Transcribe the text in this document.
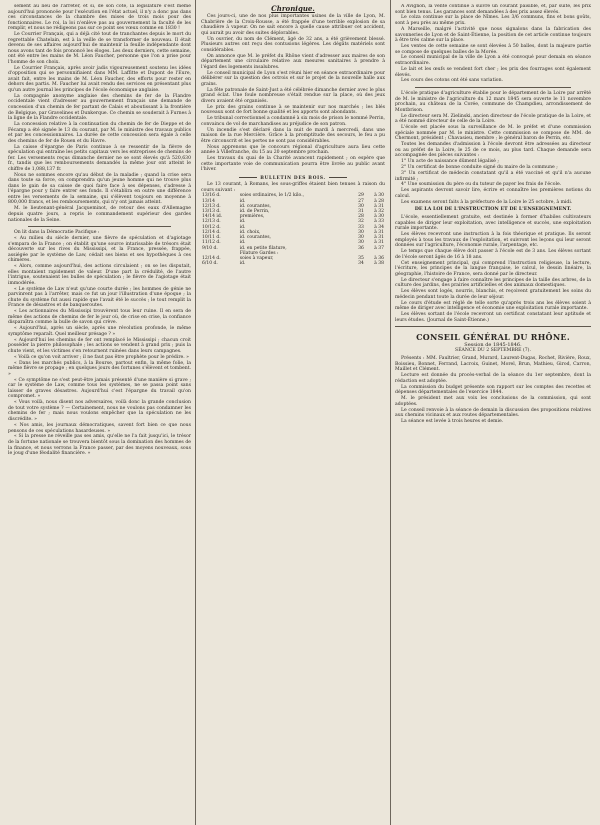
sement au lieu de l'arrêter, et si, de son côté, la législature s'est même aujourd'hui prononcée pour l'exécution en l'état actuel, il n'y a donc pas dans ces circonstances de la chambre des mises de trois mois pour des fonctionnaires. Le roi, la loi n'enlève pas au gouvernement la faculté de les remplir, et nous ne rédigeons pas sur ce point ses vœux comme en 1830 !

Le Courrier Français, qui a déjà cité tout de tranchantes depuis le mort du regrettable Chatelain, est à la veille de se transformer de nouveau. Il était devenu de ses affaires aujourd'hui de maintenir la feuille indépendante dont nous avons tant de fois prononcé les éloges. Les deux derniers, cette semaine, ont été entre les mains de M. Léon Faucher, personne que l'on a prise pour l'homme de son choix.

Le Courrier Français, après avoir jadis vigoureusement soutenu les idées d'opposition qui se personnifiaient dans MM. Laffitte et Dupont de l'Eure, avait fait, entre les mains de M. Léon Faucher, des efforts pour rester en dehors des partis. M. Faucher lui avait rendu des services en présentant plus qu'un autre journal les principes de l'école économique anglaise.

La compagnie anonyme anglaise des chemins de fer de la Flandre occidentale vient d'adresser au gouvernement français une demande de concession d'un chemin de fer partant de Calais et aboutissant à la frontière de Belgique, par Gravelines et Dunkerque. Ce chemin se souderait à Furnes à la ligne de la Flandre occidentale.

La concession relative à la continuation du chemin de fer de Dieppe et de Fécamp a été signée le 13 du courant, par M. le ministre des travaux publics et par les concessionnaires. La durée de cette concession sera égale à celle des chemins de fer de Rouen et du Havre.

La caisse d'épargne de Paris continue à se ressentir de la fièvre de spéculation qui entraîne les petits capitaux vers les entreprises de chemins de fer. Les versements reçus dimanche dernier ne se sont élevés qu'à 520,630 fr., tandis que les remboursements demandés la même jour ont atteint le chiffre de 1,088,137 fr.

Nous ne sommes encore qu'au début de la maladie ; quand la crise sera dans toute sa force, on comprendra qu'un jeune homme qui ne trouve plus dans le gain de sa caisse de quoi faire face à ses dépenses, s'adresse à l'épargne pour y faire entrer ses fonds. Il s'établira en outre une différence entre les versements de la semaine, qui s'élèvent toujours en moyenne à 800,000 francs, et les remboursements, qui n'y ont jamais atteint.

M. le lieutenant-général Jacqueminot, de retour des eaux d'Allemagne depuis quatre jours, a repris le commandement supérieur des gardes nationales de la Seine.

On lit dans la Démocratie Pacifique :

« Au milieu du siècle dernier, une fièvre de spéculation et d'agiotage s'empara de la France ; on établit qu'une source intarissable de trésors était découverte sur les rives du Mississipi, et la France, pressée, frappée, assiégée par le système de Law, cédait ses biens et ses hypothèques à ces chimères.

« Alors, comme aujourd'hui, des actions circulaient ; on se les disputait, elles montaient rapidement de valeur. D'une part la crédulité, de l'autre l'intrigue, soutenaient les bulles de spéculation ; le fièvre de l'agiotage était immodérée.

« Le système de Law n'eut qu'une courte durée ; les hommes de génie ne parvinrent pas à l'arrêter, mais ce fut un jour l'illustration d'une époque ; la chute du système fut aussi rapide que l'avait été le succès ; le tout remplit la France de désastres et de banqueroutes.

« Les actionnaires du Mississipi trouvèrent tous leur ruine. Il en sera de même des actions de chemins de fer le jour où, de crise en crise, la confiance disparaîtra comme la bulle de savon qui crève.

« Aujourd'hui, après un siècle, après une révolution profonde, le même symptôme reparaît. Quel meilleur présage ? »

« Aujourd'hui les chemins de fer ont remplacé le Mississipi ; chacun croit posséder la pierre philosophale ; les actions se vendent à grand prix ; puis la chute vient, et les victimes s'en retournent ruinées dans leurs campagnes.

« Voilà ce qu'on voit arriver ; il ne faut pas être prophète pour le prédire. »

« Dans les marchés publics, à la Bourse, partout enfin, la même folie, la même fièvre se propage ; en quelques jours des fortunes s'élèvent et tombent. »

« Ce symptôme ne s'est peut-être jamais présenté d'une manière si grave ; car le système de Law, comme tous les systèmes, ne se passa point sans laisser de graves désastres. Aujourd'hui c'est l'épargne du travail qu'on compromet. »

« Vous voilà, nous disent nos adversaires, voilà donc la grande conclusion de tout votre système ? — Certainement, nous ne voulons pas condamner les chemins de fer ; mais nous voulons empêcher que la spéculation ne les discrédite. »

« Nos amis, les journaux démocratiques, savent fort bien ce que nous pensons de ces spéculations hasardeuses. »

« Si la presse ne réveille pas ses amis, qu'elle ne l'a fait jusqu'ici, le trésor de la fortune nationale se trouvera bientôt sous la domination des hommes de la finance, et nous verrons la France passer, par des moyens nouveaux, sous le joug d'une féodalité financière. »

Chronique.

Ces jours-ci, une de nos plus importantes usines de la ville de Lyon, M. Chabrière de la Croix-Rousse, a été frappée d'une terrible explosion de sa chaudière à vapeur. On ne sait encore à quelle cause attribuer cet accident, qui aurait pu avoir des suites déplorables.

Un ouvrier, du nom de Clément, âgé de 32 ans, a été grièvement blessé. Plusieurs autres ont reçu des contusions légères. Les dégâts matériels sont considérables.

On annonce que M. le préfet du Rhône vient d'adresser aux maires de son département une circulaire relative aux mesures sanitaires à prendre à l'égard des logements insalubres.

Le conseil municipal de Lyon s'est réuni hier en séance extraordinaire pour délibérer sur la question des octrois et sur le projet de la nouvelle halle aux grains.

La fête patronale de Saint-Just a été célébrée dimanche dernier avec le plus grand éclat. Une foule nombreuse s'était rendue sur la place, où des jeux divers avaient été organisés.

Le prix des grains continue à se maintenir sur nos marchés ; les blés nouveaux sont de fort bonne qualité et les apports sont abondants.

Le tribunal correctionnel a condamné à six mois de prison le nommé Perrin, convaincu de vol de marchandises au préjudice de son patron.

Un incendie s'est déclaré dans la nuit de mardi à mercredi, dans une maison de la rue Mercière. Grâce à la promptitude des secours, le feu a pu être circonscrit et les pertes ne sont pas considérables.

Nous apprenons que le concours régional d'agriculture aura lieu cette année à Villefranche, du 15 au 20 septembre prochain.

Les travaux du quai de la Charité avancent rapidement ; on espère que cette importante voie de communication pourra être livrée au public avant l'hiver.

BULLETIN DES BOIS.

Le 13 courant, à Romans, les sous-griffes étaient bien tenues à raison du cours suivant :

13/16 d.	soies ordinaires, le 1/2 kilo.,	29	à 30
13/14	id.	27	à 28
12/13 d.	id. courantes,	30	à 31
13/13 d.	id. de Perrin,	31	à 32
14/14 id.	premières,	28	à 30
12/13 d.	id.	32	à 33
10/12 d.	id.	33	à 34
12/14 d.	id. choix,	30	à 31
10/11 d.	id. courantes,	30	à 31
11/12 d.	id.	30	à 31
9/10 d.	id. en petite filature,	36	à 37
	Filature Gardes :		
12/14 d.	soies à vapeur,	35	à 36
6/10 d.	id.	34	à 38

A Avignon, la vente continue à suivre un courant paisible, et, par suite, les prix sont bien tenus. Les garances sont demandées à des prix assez élevés.

Le colza continue sur la place de Nîmes. Les 3/6 communs, fins et bons goûts, sont à peu près au même prix.

A Marseille, malgré l'activité que nous signalons dans la fabrication des savonneries de Lyon et de Saint-Étienne, la position de cet article continue toujours à être très calme sur la place.

Les ventes de cette semaine se sont élevées à 50 balles, dont la majeure partie se compose de quelques balles de la Morée.

Le conseil municipal de la ville de Lyon a été convoqué pour demain en séance extraordinaire.

Le lait et les œufs se vendent fort cher ; les prix des fourrages sont également élevés.

Les cours des cotons ont été sans variation.

L'école pratique d'agriculture établie pour le département de la Loire par arrêté de M. le ministre de l'agriculture du 12 mars 1845 sera ouverte le 11 novembre prochain, au château de la Corée, commune de Champdieu, arrondissement de Montbrison.

Le directeur sera M. Zielinski, ancien directeur de l'école pratique de la Loire, et a été nommé directeur de celle de la Loire.

L'école est placée sous la surveillance de M. le préfet et d'une commission spéciale nommée par M. le ministre. Cette commission se compose de MM. de Chermont, président ; Chavasieu, membre ; le général baron de Perrin, etc.

Toutes les demandes d'admission à l'école devront être adressées au directeur ou au préfet de la Loire, le 25 de ce mois, au plus tard. Chaque demande sera accompagnée des pièces suivantes :

1° Un acte de naissance dûment légalisé ;

2° Un certificat de bonne conduite signé du maire de la commune ;

3° Un certificat de médecin constatant qu'il a été vacciné et qu'il n'a aucune infirmité ;

4° Une soumission du père ou du tuteur de payer les frais de l'école.

Les aspirants devront savoir lire, écrire et connaître les premières notions du calcul.

Les examens seront faits à la préfecture de la Loire le 25 octobre, à midi.

DE LA LOI DE L'INSTRUCTION ET DE L'ENSEIGNEMENT.

L'école, essentiellement gratuite, est destinée à former d'habiles cultivateurs capables de diriger leur exploitation, avec intelligence et succès, une exploitation rurale importante.

Les élèves recevront une instruction à la fois théorique et pratique. Ils seront employés à tous les travaux de l'exploitation, et suivront les leçons qui leur seront données sur l'agriculture, l'économie rurale, l'arpentage, etc.

Le temps que chaque élève doit passer à l'école est de 3 ans. Les élèves sortant de l'école seront âgés de 16 à 18 ans.

Cet enseignement principal, qui comprend l'instruction religieuse, la lecture, l'écriture, les principes de la langue française, le calcul, le dessin linéaire, la géographie, l'histoire de France, sera donné par le directeur.

Le directeur s'engage à faire connaître les principes de la taille des arbres, de la culture des jardins, des prairies artificielles et des animaux domestiques.

Les élèves sont logés, nourris, blanchis, et reçoivent gratuitement les soins du médecin pendant toute la durée de leur séjour.

Le cours d'étude est réglé de telle sorte qu'après trois ans les élèves soient à même de diriger avec intelligence et économie une exploitation rurale importante.

Les élèves sortant de l'école recevront un certificat constatant leur aptitude et leurs études. (Journal de Saint-Étienne.)

CONSEIL GÉNÉRAL DU RHÔNE.
Session de 1845-1846.
SÉANCE DU 2 SEPTEMBRE (7).

Présents : MM. Faultrier, Grand, Murard, Laurent-Dugas, Rochet, Rivière, Roux, Boissieu, Bonnet, Ferrand, Lacroix, Guinet, Morel, Brun, Mathieu, Girod, Carron, Maillet et Clément.

Lecture est donnée du procès-verbal de la séance du 1er septembre, dont la rédaction est adoptée.

La commission du budget présente son rapport sur les comptes des recettes et dépenses départementales de l'exercice 1844.

M. le président met aux voix les conclusions de la commission, qui sont adoptées.

Le conseil renvoie à la séance de demain la discussion des propositions relatives aux chemins vicinaux et aux routes départementales.

La séance est levée à trois heures et demie.
